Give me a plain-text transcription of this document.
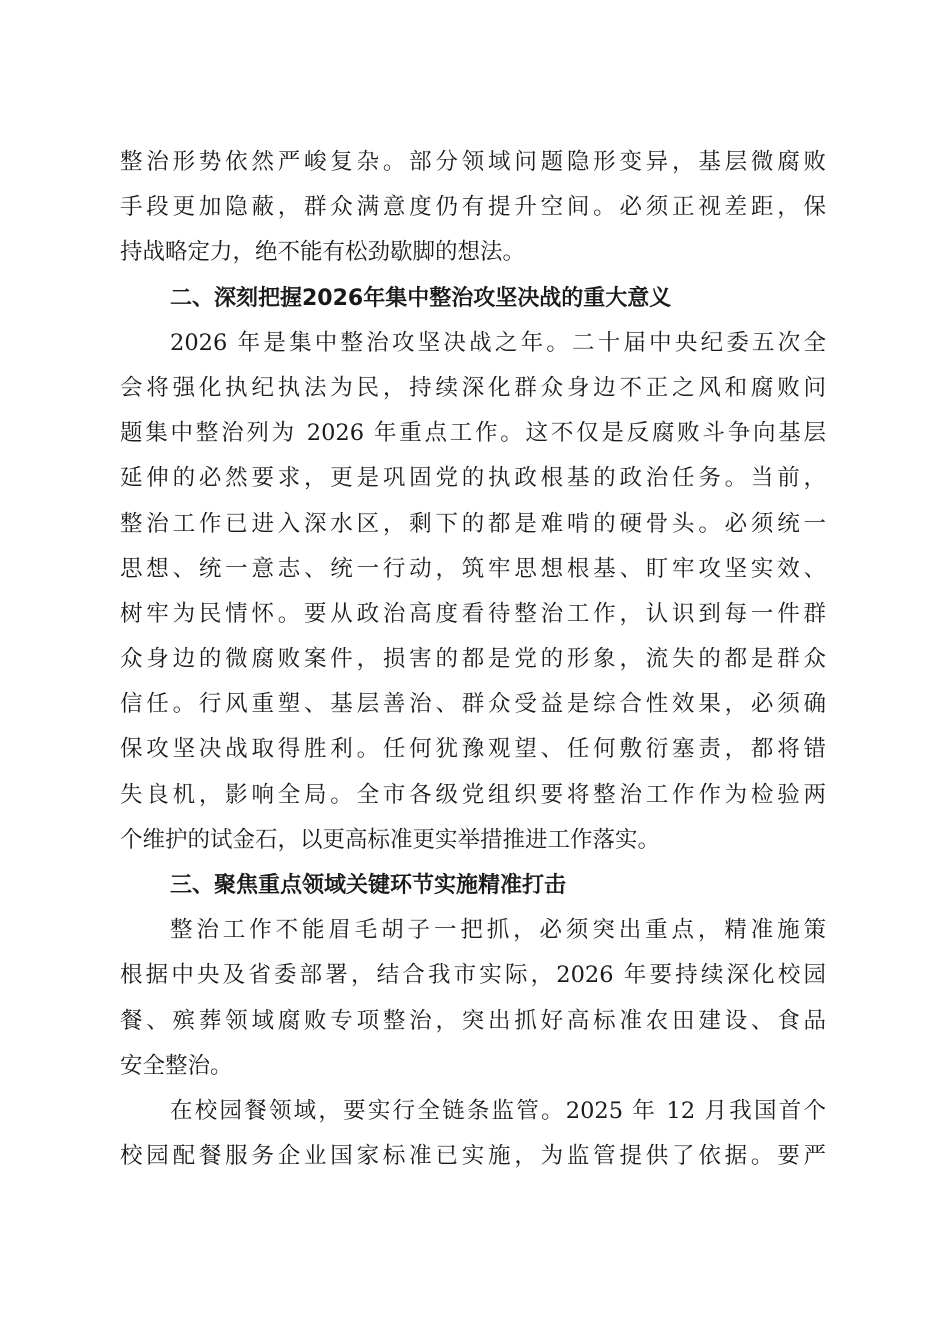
整治形势依然严峻复杂。部分领域问题隐形变异，基层微腐败
手段更加隐蔽，群众满意度仍有提升空间。必须正视差距，保
持战略定力，绝不能有松劲歇脚的想法。
二、深刻把握2026年集中整治攻坚决战的重大意义
2026 年是集中整治攻坚决战之年。二十届中央纪委五次全
会将强化执纪执法为民，持续深化群众身边不正之风和腐败问
题集中整治列为 2026 年重点工作。这不仅是反腐败斗争向基层
延伸的必然要求，更是巩固党的执政根基的政治任务。当前，
整治工作已进入深水区，剩下的都是难啃的硬骨头。必须统一
思想、统一意志、统一行动，筑牢思想根基、盯牢攻坚实效、
树牢为民情怀。要从政治高度看待整治工作，认识到每一件群
众身边的微腐败案件，损害的都是党的形象，流失的都是群众
信任。行风重塑、基层善治、群众受益是综合性效果，必须确
保攻坚决战取得胜利。任何犹豫观望、任何敷衍塞责，都将错
失良机，影响全局。全市各级党组织要将整治工作作为检验两
个维护的试金石，以更高标准更实举措推进工作落实。
三、聚焦重点领域关键环节实施精准打击
整治工作不能眉毛胡子一把抓，必须突出重点，精准施策
根据中央及省委部署，结合我市实际，2026 年要持续深化校园
餐、殡葬领域腐败专项整治，突出抓好高标准农田建设、食品
安全整治。
在校园餐领域，要实行全链条监管。2025 年 12 月我国首个
校园配餐服务企业国家标准已实施，为监管提供了依据。要严
